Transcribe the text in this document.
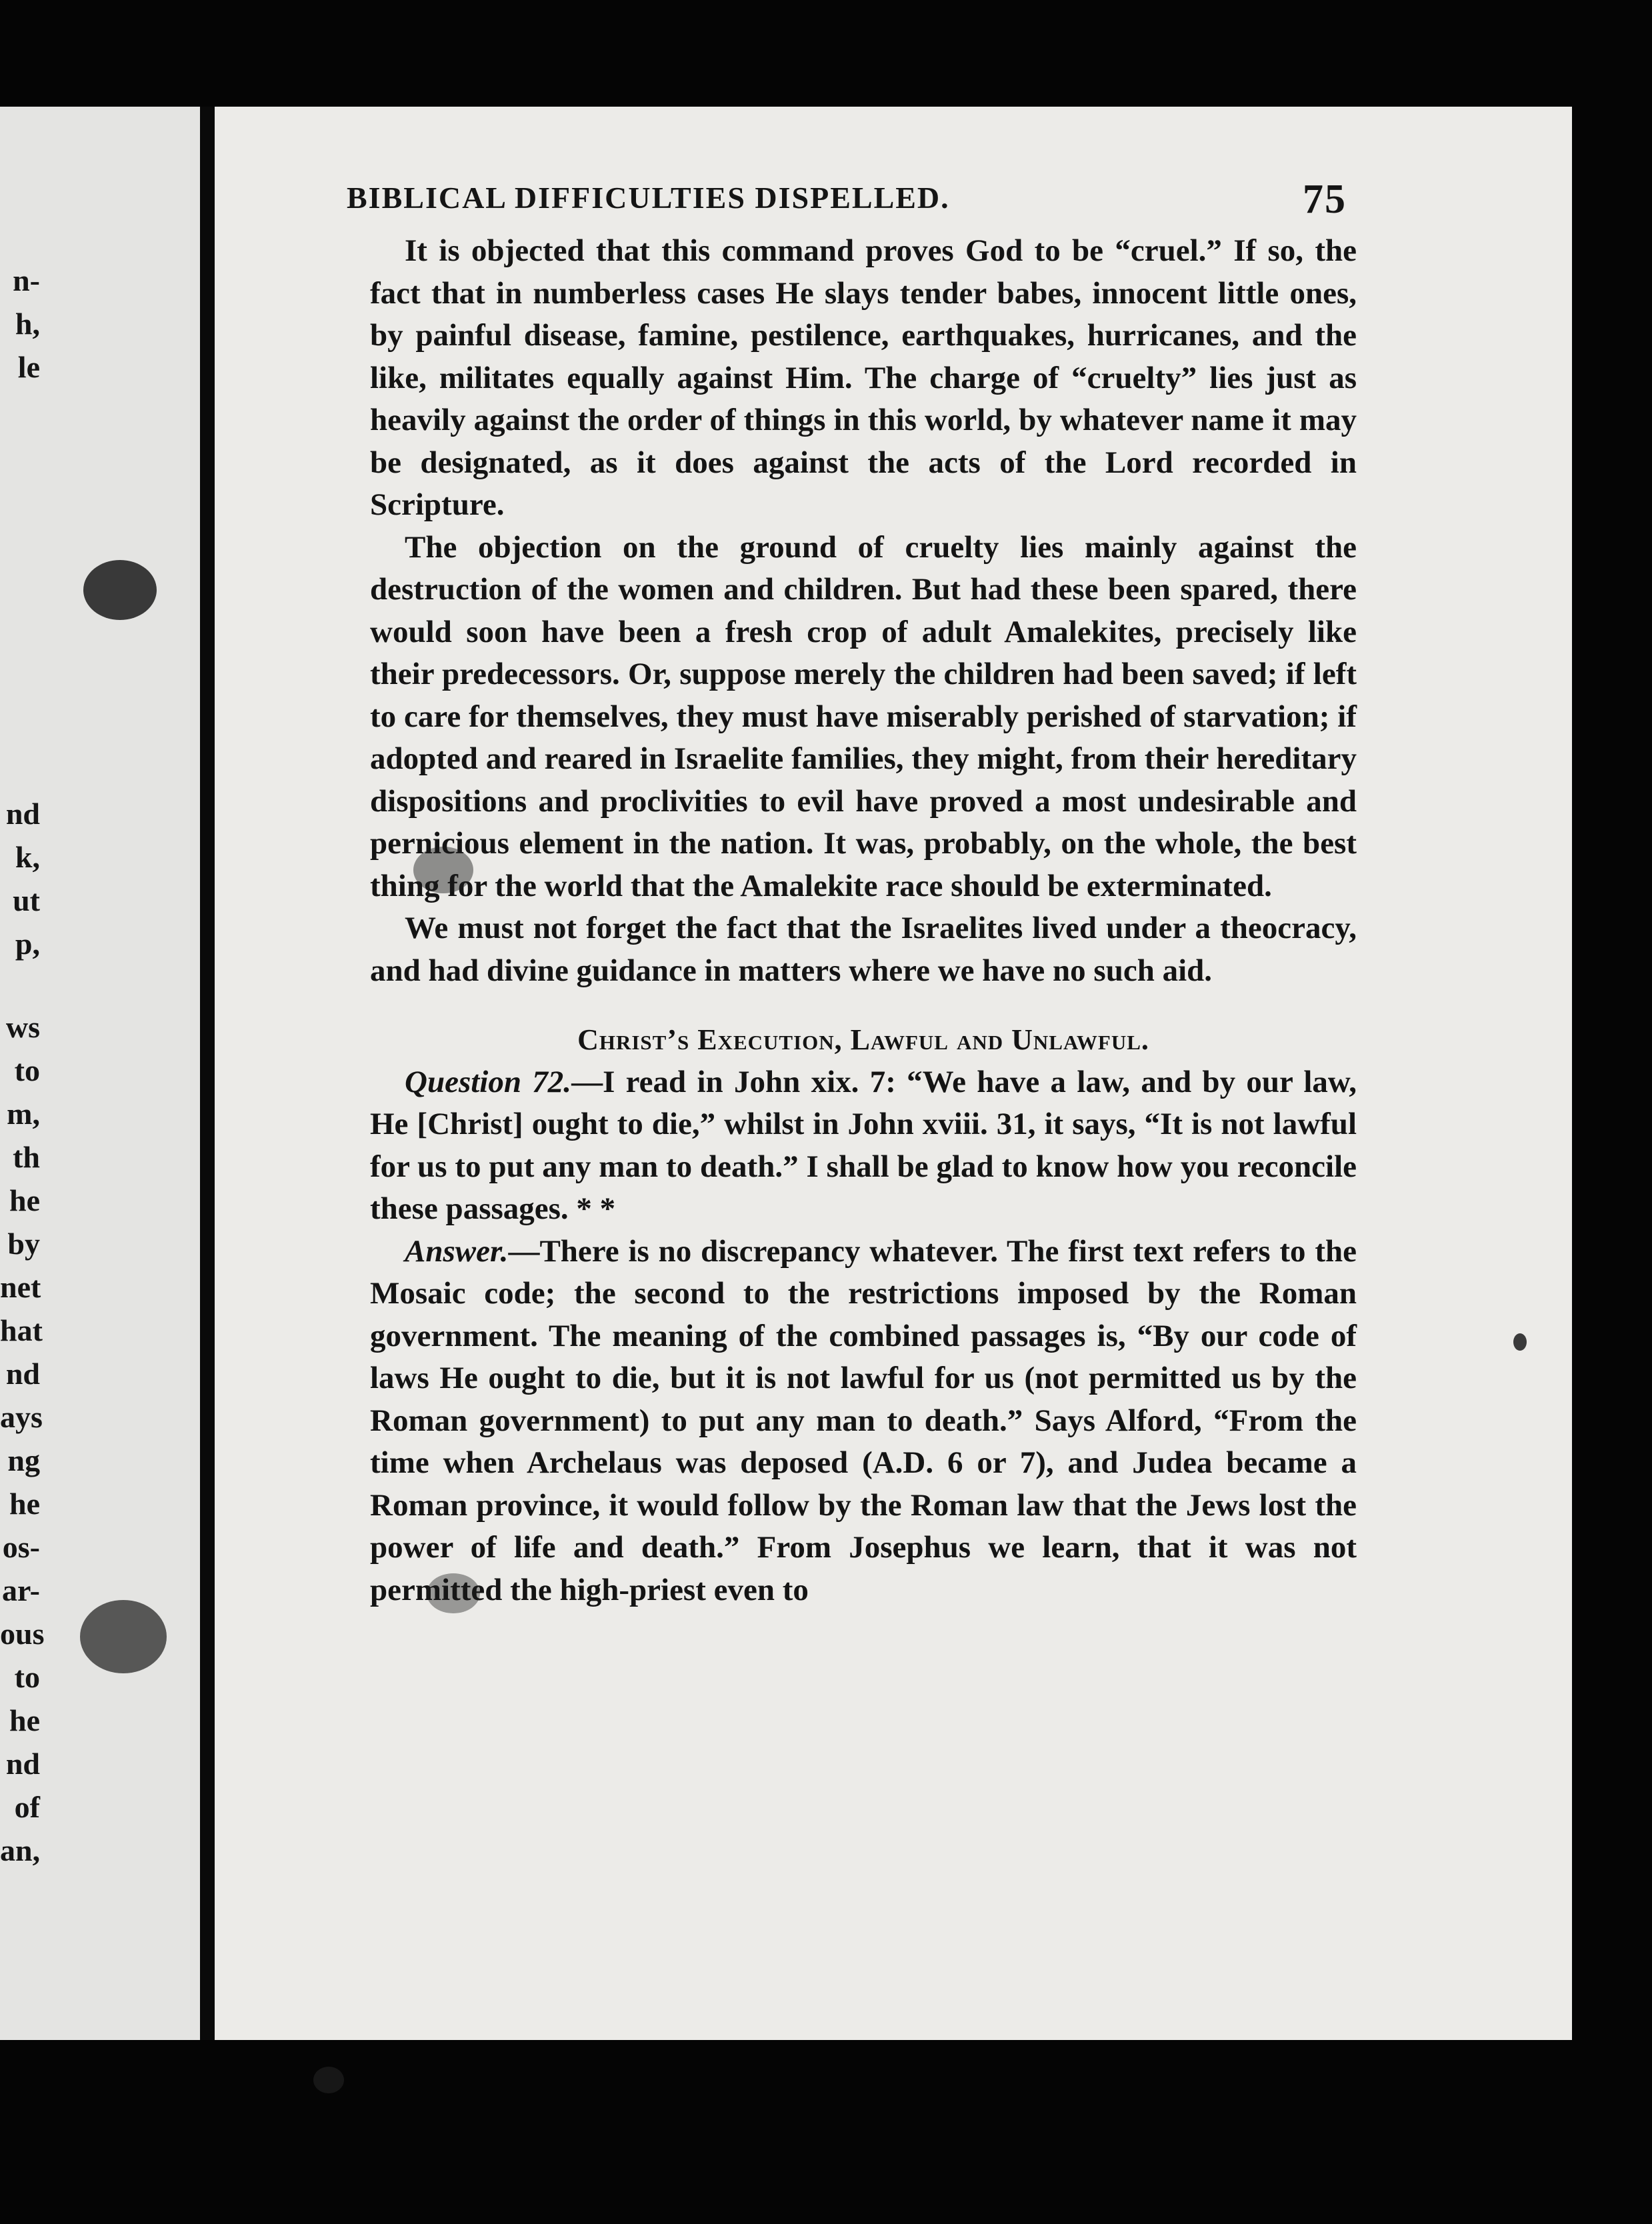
n-
h,
le
nd
k,
ut
p,
ws
to
m,
th
he
by
net
hat
nd
ays
ng
he
os-
ar-
ous
to
he
nd
of
an,
BIBLICAL DIFFICULTIES DISPELLED.	75

It is objected that this command proves God to be “cruel.” If so, the fact that in numberless cases He slays tender babes, innocent little ones, by painful disease, famine, pestilence, earthquakes, hurricanes, and the like, militates equally against Him. The charge of “cruelty” lies just as heavily against the order of things in this world, by whatever name it may be designated, as it does against the acts of the Lord recorded in Scripture.

The objection on the ground of cruelty lies mainly against the destruction of the women and children. But had these been spared, there would soon have been a fresh crop of adult Amalekites, precisely like their predecessors. Or, suppose merely the children had been saved; if left to care for themselves, they must have miserably perished of starvation; if adopted and reared in Israelite families, they might, from their hereditary dispositions and proclivities to evil have proved a most undesirable and pernicious element in the nation. It was, probably, on the whole, the best thing for the world that the Amalekite race should be exterminated.

We must not forget the fact that the Israelites lived under a theocracy, and had divine guidance in matters where we have no such aid.

Christ’s Execution, Lawful and Unlawful.

Question 72.—I read in John xix. 7: “We have a law, and by our law, He [Christ] ought to die,” whilst in John xviii. 31, it says, “It is not lawful for us to put any man to death.” I shall be glad to know how you reconcile these passages. * *

Answer.—There is no discrepancy whatever. The first text refers to the Mosaic code; the second to the restrictions imposed by the Roman government. The meaning of the combined passages is, “By our code of laws He ought to die, but it is not lawful for us (not permitted us by the Roman government) to put any man to death.” Says Alford, “From the time when Archelaus was deposed (A.D. 6 or 7), and Judea became a Roman province, it would follow by the Roman law that the Jews lost the power of life and death.” From Josephus we learn, that it was not permitted the high-priest even to
